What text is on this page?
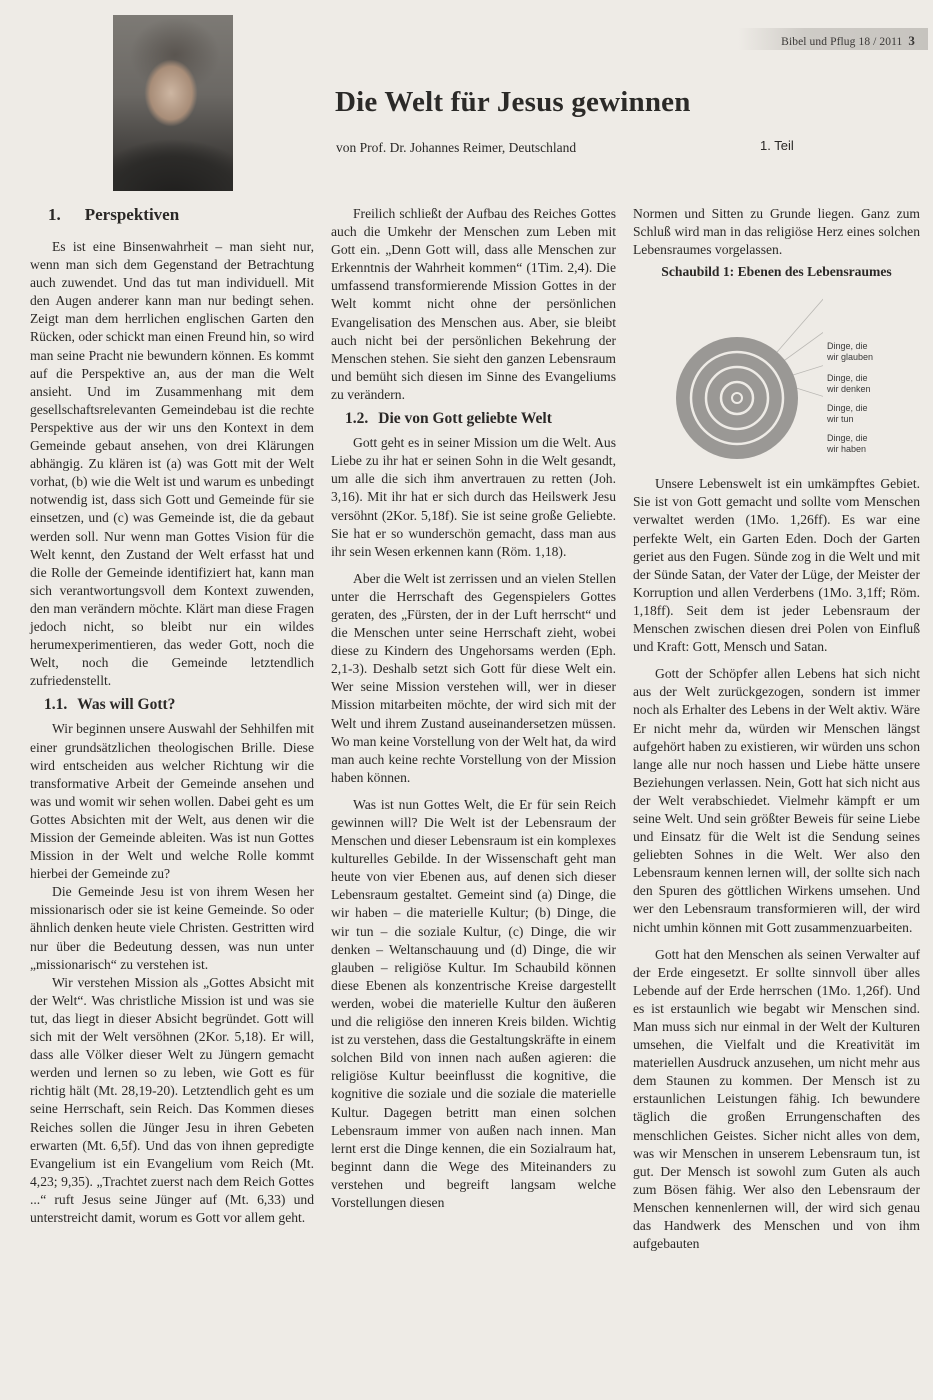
Bibel und Pflug 18 / 2011 3
Die Welt für Jesus gewinnen
von Prof. Dr. Johannes Reimer, Deutschland	1. Teil
1. Perspektiven

Es ist eine Binsenwahrheit – man sieht nur, wenn man sich dem Gegenstand der Betrachtung auch zuwendet. Und das tut man individuell. Mit den Augen anderer kann man nur bedingt sehen. Zeigt man dem herrlichen englischen Garten den Rücken, oder schickt man einen Freund hin, so wird man seine Pracht nie bewundern können. Es kommt auf die Perspektive an, aus der man die Welt ansieht. Und im Zusammenhang mit dem gesellschaftsrelevanten Gemeindebau ist die rechte Perspektive aus der wir uns den Kontext in dem Gemeinde gebaut ansehen, von drei Klärungen abhängig. Zu klären ist (a) was Gott mit der Welt vorhat, (b) wie die Welt ist und warum es unbedingt notwendig ist, dass sich Gott und Gemeinde für sie einsetzen, und (c) was Gemeinde ist, die da gebaut werden soll. Nur wenn man Gottes Vision für die Welt kennt, den Zustand der Welt erfasst hat und die Rolle der Gemeinde identifiziert hat, kann man sich verantwortungsvoll dem Kontext zuwenden, den man verändern möchte. Klärt man diese Fragen jedoch nicht, so bleibt nur ein wildes herumexperimentieren, das weder Gott, noch die Welt, noch die Gemeinde letztendlich zufriedenstellt.

1.1. Was will Gott?

Wir beginnen unsere Auswahl der Sehhilfen mit einer grundsätzlichen theologischen Brille. Diese wird entscheiden aus welcher Richtung wir die transformative Arbeit der Gemeinde ansehen und was und womit wir sehen wollen. Dabei geht es um Gottes Absichten mit der Welt, aus denen wir die Mission der Gemeinde ableiten. Was ist nun Gottes Mission in der Welt und welche Rolle kommt hierbei der Gemeinde zu?

Die Gemeinde Jesu ist von ihrem Wesen her missionarisch oder sie ist keine Gemeinde. So oder ähnlich denken heute viele Christen. Gestritten wird nur über die Bedeutung dessen, was nun unter „missionarisch“ zu verstehen ist.

Wir verstehen Mission als „Gottes Absicht mit der Welt“. Was christliche Mission ist und was sie tut, das liegt in dieser Absicht begründet. Gott will sich mit der Welt versöhnen (2Kor. 5,18). Er will, dass alle Völker dieser Welt zu Jüngern gemacht werden und lernen so zu leben, wie Gott es für richtig hält (Mt. 28,19-20). Letztendlich geht es um seine Herrschaft, sein Reich. Das Kommen dieses Reiches sollen die Jünger Jesu in ihren Gebeten erwarten (Mt. 6,5f). Und das von ihnen gepredigte Evangelium ist ein Evangelium vom Reich (Mt. 4,23; 9,35). „Trachtet zuerst nach dem Reich Gottes ...“ ruft Jesus seine Jünger auf (Mt. 6,33) und unterstreicht damit, worum es Gott vor allem geht.

Freilich schließt der Aufbau des Reiches Gottes auch die Umkehr der Menschen zum Leben mit Gott ein. „Denn Gott will, dass alle Menschen zur Erkenntnis der Wahrheit kommen“ (1Tim. 2,4). Die umfassend transformierende Mission Gottes in der Welt kommt nicht ohne der persönlichen Evangelisation des Menschen aus. Aber, sie bleibt auch nicht bei der persönlichen Bekehrung der Menschen stehen. Sie sieht den ganzen Lebensraum und bemüht sich diesen im Sinne des Evangeliums zu verändern.

1.2. Die von Gott geliebte Welt

Gott geht es in seiner Mission um die Welt. Aus Liebe zu ihr hat er seinen Sohn in die Welt gesandt, um alle die sich ihm anvertrauen zu retten (Joh. 3,16). Mit ihr hat er sich durch das Heilswerk Jesu versöhnt (2Kor. 5,18f). Sie ist seine große Geliebte. Sie hat er so wunderschön gemacht, dass man aus ihr sein Wesen erkennen kann (Röm. 1,18).

Aber die Welt ist zerrissen und an vielen Stellen unter die Herrschaft des Gegenspielers Gottes geraten, des „Fürsten, der in der Luft herrscht“ und die Menschen unter seine Herrschaft zieht, wobei diese zu Kindern des Ungehorsams werden (Eph. 2,1-3). Deshalb setzt sich Gott für diese Welt ein. Wer seine Mission verstehen will, wer in dieser Mission mitarbeiten möchte, der wird sich mit der Welt und ihrem Zustand auseinandersetzen müssen. Wo man keine Vorstellung von der Welt hat, da wird man auch keine rechte Vorstellung von der Mission haben können.

Was ist nun Gottes Welt, die Er für sein Reich gewinnen will? Die Welt ist der Lebensraum der Menschen und dieser Lebensraum ist ein komplexes kulturelles Gebilde. In der Wissenschaft geht man heute von vier Ebenen aus, auf denen sich dieser Lebensraum gestaltet. Gemeint sind (a) Dinge, die wir haben – die materielle Kultur; (b) Dinge, die wir tun – die soziale Kultur, (c) Dinge, die wir denken – Weltanschauung und (d) Dinge, die wir glauben – religiöse Kultur. Im Schaubild können diese Ebenen als konzentrische Kreise dargestellt werden, wobei die materielle Kultur den äußeren und die religiöse den inneren Kreis bilden. Wichtig ist zu verstehen, dass die Gestaltungskräfte in einem solchen Bild von innen nach außen agieren: die religiöse Kultur beeinflusst die kognitive, die kognitive die soziale und die soziale die materielle Kultur. Dagegen betritt man einen solchen Lebensraum immer von außen nach innen. Man lernt erst die Dinge kennen, die ein Sozialraum hat, beginnt dann die Wege des Miteinanders zu verstehen und begreift langsam welche Vorstellungen diesen

Normen und Sitten zu Grunde liegen. Ganz zum Schluß wird man in das religiöse Herz eines solchen Lebensraumes vorgelassen.

Schaubild 1: Ebenen des Lebensraumes
Dinge, die
wir glauben
Dinge, die
wir denken
Dinge, die
wir tun
Dinge, die
wir haben

Unsere Lebenswelt ist ein umkämpftes Gebiet. Sie ist von Gott gemacht und sollte vom Menschen verwaltet werden (1Mo. 1,26ff). Es war eine perfekte Welt, ein Garten Eden. Doch der Garten geriet aus den Fugen. Sünde zog in die Welt und mit der Sünde Satan, der Vater der Lüge, der Meister der Korruption und allen Verderbens (1Mo. 3,1ff; Röm. 1,18ff). Seit dem ist jeder Lebensraum der Menschen zwischen diesen drei Polen von Einfluß und Kraft: Gott, Mensch und Satan.

Gott der Schöpfer allen Lebens hat sich nicht aus der Welt zurückgezogen, sondern ist immer noch als Erhalter des Lebens in der Welt aktiv. Wäre Er nicht mehr da, würden wir Menschen längst aufgehört haben zu existieren, wir würden uns schon lange alle nur noch hassen und Liebe hätte unsere Beziehungen verlassen. Nein, Gott hat sich nicht aus der Welt verabschiedet. Vielmehr kämpft er um seine Welt. Und sein größter Beweis für seine Liebe und Einsatz für die Welt ist die Sendung seines geliebten Sohnes in die Welt. Wer also den Lebensraum kennen lernen will, der sollte sich nach den Spuren des göttlichen Wirkens umsehen. Und wer den Lebensraum transformieren will, der wird nicht umhin können mit Gott zusammenzuarbeiten.

Gott hat den Menschen als seinen Verwalter auf der Erde eingesetzt. Er sollte sinnvoll über alles Lebende auf der Erde herrschen (1Mo. 1,26f). Und es ist erstaunlich wie begabt wir Menschen sind. Man muss sich nur einmal in der Welt der Kulturen umsehen, die Vielfalt und die Kreativität im materiellen Ausdruck anzusehen, um nicht mehr aus dem Staunen zu kommen. Der Mensch ist zu erstaunlichen Leistungen fähig. Ich bewundere täglich die großen Errungenschaften des menschlichen Geistes. Sicher nicht alles von dem, was wir Menschen in unserem Lebensraum tun, ist gut. Der Mensch ist sowohl zum Guten als auch zum Bösen fähig. Wer also den Lebensraum der Menschen kennenlernen will, der wird sich genau das Handwerk des Menschen und von ihm aufgebauten
